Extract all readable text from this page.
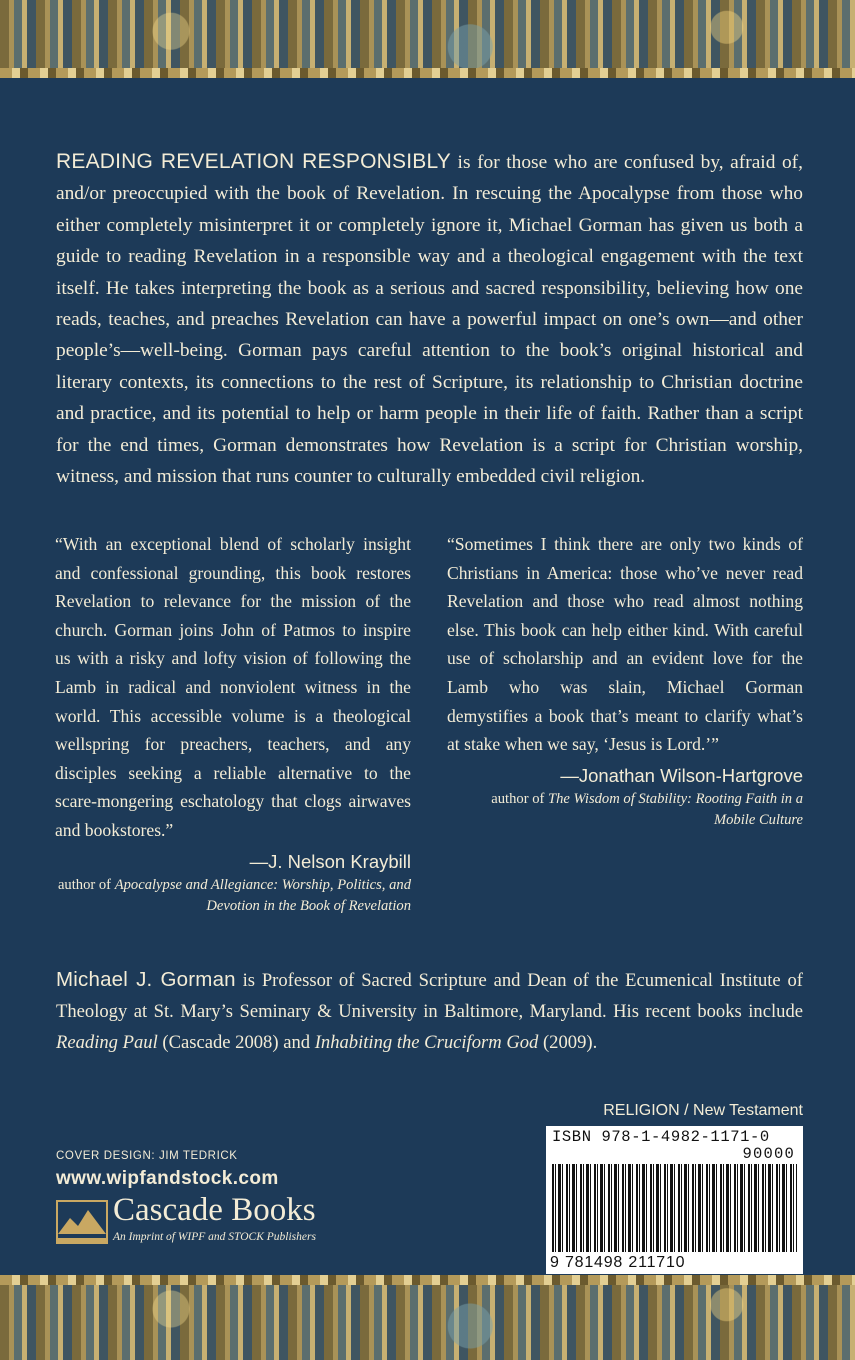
READING REVELATION RESPONSIBLY is for those who are confused by, afraid of, and/or preoccupied with the book of Revelation. In rescuing the Apocalypse from those who either completely misinterpret it or completely ignore it, Michael Gorman has given us both a guide to reading Revelation in a responsible way and a theological engagement with the text itself. He takes interpreting the book as a serious and sacred responsibility, believing how one reads, teaches, and preaches Revelation can have a powerful impact on one’s own—and other people’s—well-being. Gorman pays careful attention to the book’s original historical and literary contexts, its connections to the rest of Scripture, its relationship to Christian doctrine and practice, and its potential to help or harm people in their life of faith. Rather than a script for the end times, Gorman demonstrates how Revelation is a script for Christian worship, witness, and mission that runs counter to culturally embedded civil religion.

“With an exceptional blend of scholarly insight and confessional grounding, this book restores Revelation to relevance for the mission of the church. Gorman joins John of Patmos to inspire us with a risky and lofty vision of following the Lamb in radical and nonviolent witness in the world. This accessible volume is a theological wellspring for preachers, teachers, and any disciples seeking a reliable alternative to the scare-mongering eschatology that clogs airwaves and bookstores.”

—J. Nelson Kraybill
author of Apocalypse and Allegiance: Worship, Politics, and Devotion in the Book of Revelation

“Sometimes I think there are only two kinds of Christians in America: those who’ve never read Revelation and those who read almost nothing else. This book can help either kind. With careful use of scholarship and an evident love for the Lamb who was slain, Michael Gorman demystifies a book that’s meant to clarify what’s at stake when we say, ‘Jesus is Lord.’”

—Jonathan Wilson-Hartgrove
author of The Wisdom of Stability: Rooting Faith in a Mobile Culture

Michael J. Gorman is Professor of Sacred Scripture and Dean of the Ecumenical Institute of Theology at St. Mary’s Seminary & University in Baltimore, Maryland. His recent books include Reading Paul (Cascade 2008) and Inhabiting the Cruciform God (2009).

RELIGION / New Testament
ISBN 978-1-4982-1171-0
90000
9 781498 211710
COVER DESIGN: JIM TEDRICK
www.wipfandstock.com
Cascade Books
An Imprint of WIPF and STOCK Publishers
